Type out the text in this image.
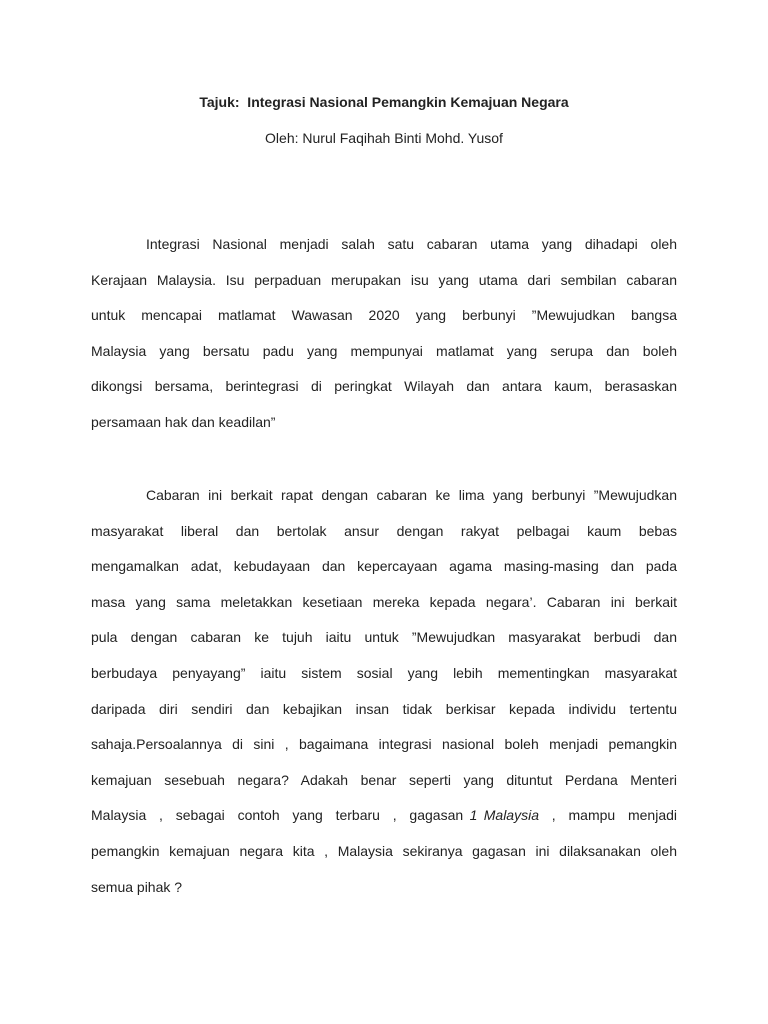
Tajuk:  Integrasi Nasional Pemangkin Kemajuan Negara
Oleh: Nurul Faqihah Binti Mohd. Yusof
Integrasi Nasional menjadi salah satu cabaran utama yang dihadapi oleh
Kerajaan Malaysia. Isu perpaduan merupakan isu yang utama dari sembilan cabaran
untuk mencapai matlamat Wawasan 2020 yang berbunyi ”Mewujudkan bangsa
Malaysia yang bersatu padu yang mempunyai matlamat yang serupa dan boleh
dikongsi bersama, berintegrasi di peringkat Wilayah dan antara kaum, berasaskan
persamaan hak dan keadilan”
Cabaran ini berkait rapat dengan cabaran ke lima yang berbunyi ”Mewujudkan
masyarakat liberal dan bertolak ansur dengan rakyat pelbagai kaum bebas
mengamalkan adat, kebudayaan dan kepercayaan agama masing-masing dan pada
masa yang sama meletakkan kesetiaan mereka kepada negara’. Cabaran ini berkait
pula dengan cabaran ke tujuh iaitu untuk ”Mewujudkan masyarakat berbudi dan
berbudaya penyayang” iaitu sistem sosial yang lebih mementingkan masyarakat
daripada diri sendiri dan kebajikan insan tidak berkisar kepada individu tertentu
sahaja.Persoalannya di sini , bagaimana integrasi nasional boleh menjadi pemangkin
kemajuan sesebuah negara? Adakah benar seperti yang dituntut Perdana Menteri
Malaysia  ,  sebagai  contoh  yang  terbaru  ,  gagasan 1 Malaysia  ,  mampu  menjadi
pemangkin kemajuan negara kita , Malaysia sekiranya gagasan ini dilaksanakan oleh
semua pihak ?
